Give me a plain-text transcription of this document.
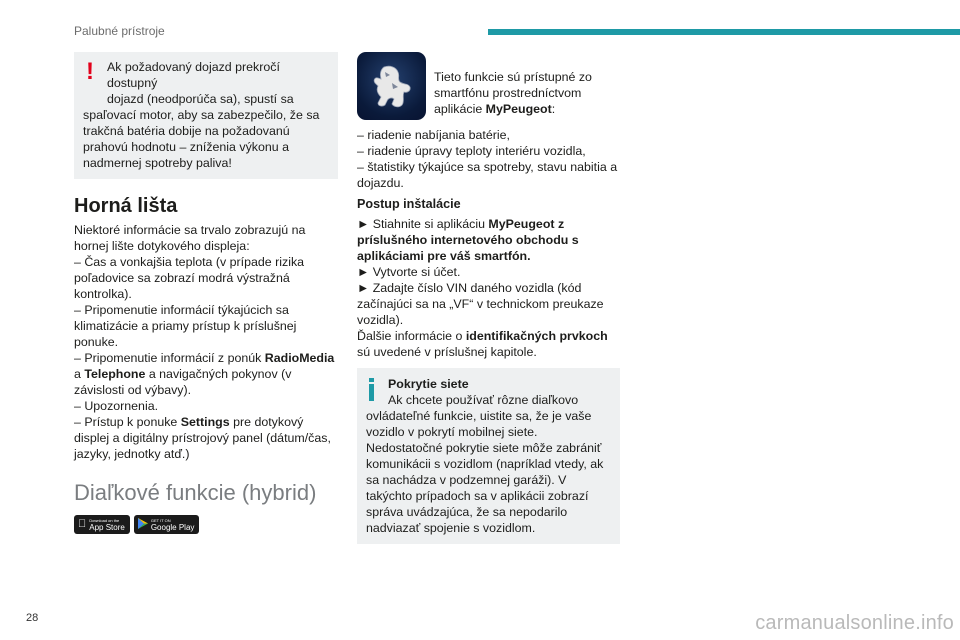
Palubné prístroje
!	Ak požadovaný dojazd prekročí dostupný
dojazd (neodporúča sa), spustí sa
spaľovací motor, aby sa zabezpečilo, že sa trakčná batéria dobije na požadovanú prahovú hodnotu – zníženia výkonu a nadmernej spotreby paliva!
Horná lišta
Niektoré informácie sa trvalo zobrazujú na hornej lište dotykového displeja:
– Čas a vonkajšia teplota (v prípade rizika poľadovice sa zobrazí modrá výstražná kontrolka).
– Pripomenutie informácií týkajúcich sa klimatizácie a priamy prístup k príslušnej ponuke.
– Pripomenutie informácií z ponúk RadioMedia a Telephone a navigačných pokynov (v závislosti od výbavy).
– Upozornenia.
– Prístup k ponuke Settings pre dotykový displej a digitálny prístrojový panel (dátum/čas, jazyky, jednotky atď.)
Diaľkové funkcie (hybrid)
Download on the
App Store
GET IT ON
Google Play
Tieto funkcie sú prístupné zo smartfónu prostredníctvom aplikácie MyPeugeot:
– riadenie nabíjania batérie,
– riadenie úpravy teploty interiéru vozidla,
– štatistiky týkajúce sa spotreby, stavu nabitia a dojazdu.
Postup inštalácie
► Stiahnite si aplikáciu MyPeugeot z príslušného internetového obchodu s aplikáciami pre váš smartfón.
► Vytvorte si účet.
► Zadajte číslo VIN daného vozidla (kód začínajúci sa na „VF“ v technickom preukaze vozidla).
Ďalšie informácie o identifikačných prvkoch sú uvedené v príslušnej kapitole.
Pokrytie siete
Ak chcete používať rôzne diaľkovo
ovládateľné funkcie, uistite sa, že je vaše vozidlo v pokrytí mobilnej siete. Nedostatočné pokrytie siete môže zabrániť komunikácii s vozidlom (napríklad vtedy, ak sa nachádza v podzemnej garáži). V takýchto prípadoch sa v aplikácii zobrazí správa uvádzajúca, že sa nepodarilo nadviazať spojenie s vozidlom.
28	carmanualsonline.info
